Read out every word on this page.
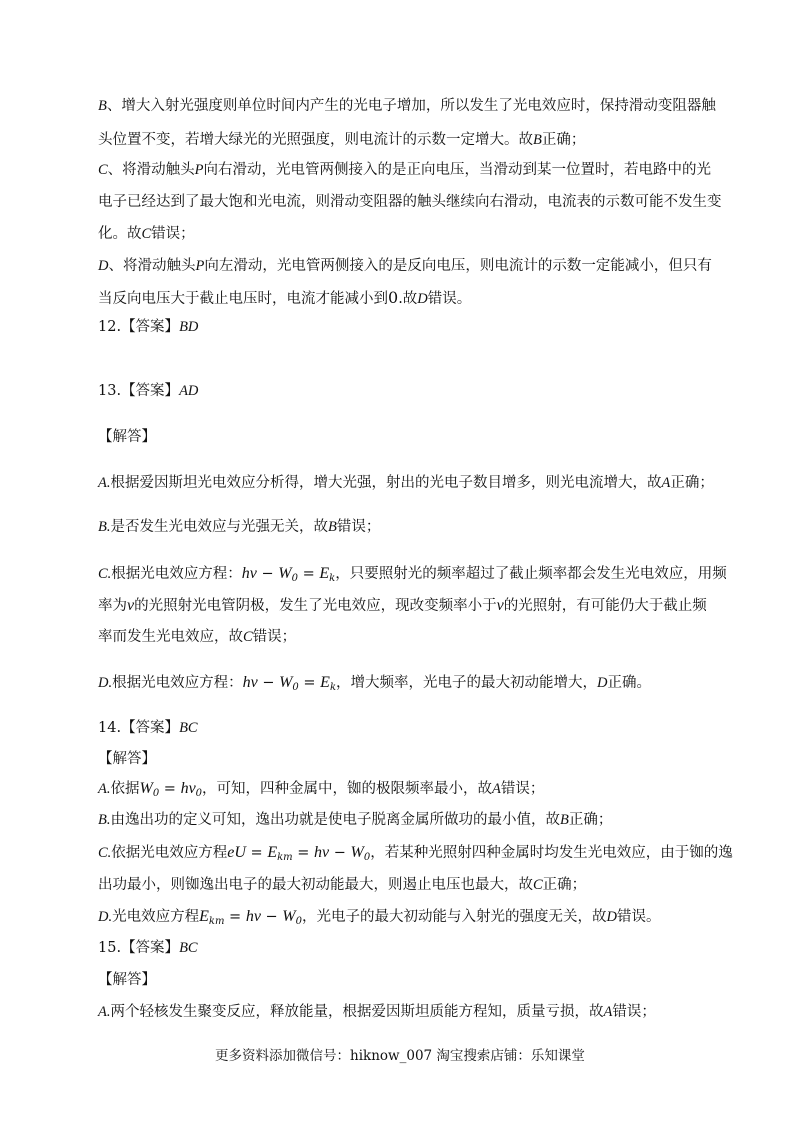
B、增大入射光强度则单位时间内产生的光电子增加，所以发生了光电效应时，保持滑动变阻器触
头位置不变，若增大绿光的光照强度，则电流计的示数一定增大。故B正确；
C、将滑动触头P向右滑动，光电管两侧接入的是正向电压，当滑动到某一位置时，若电路中的光
电子已经达到了最大饱和光电流，则滑动变阻器的触头继续向右滑动，电流表的示数可能不发生变
化。故C错误；
D、将滑动触头P向左滑动，光电管两侧接入的是反向电压，则电流计的示数一定能减小，但只有
当反向电压大于截止电压时，电流才能减小到0.故D错误。
12.【答案】BD
13.【答案】AD
【解答】
A.根据爱因斯坦光电效应分析得，增大光强，射出的光电子数目增多，则光电流增大，故A正确；
B.是否发生光电效应与光强无关，故B错误；
C.根据光电效应方程：$h\nu - W_0 = E_k$，只要照射光的频率超过了截止频率都会发生光电效应，用频
率为ν的光照射光电管阴极，发生了光电效应，现改变频率小于ν的光照射，有可能仍大于截止频
率而发生光电效应，故C错误；
D.根据光电效应方程：$h\nu - W_0 = E_k$，增大频率，光电子的最大初动能增大，D正确。
14.【答案】BC
【解答】
A.依据$W_0 = h\nu_0$，可知，四种金属中，铷的极限频率最小，故A错误；
B.由逸出功的定义可知，逸出功就是使电子脱离金属所做功的最小值，故B正确；
C.依据光电效应方程eU = $E_{km} = h\nu - W_0$，若某种光照射四种金属时均发生光电效应，由于铷的逸
出功最小，则铷逸出电子的最大初动能最大，则遏止电压也最大，故C正确；
D.光电效应方程$E_{km} = h\nu - W_0$，光电子的最大初动能与入射光的强度无关，故D错误。
15.【答案】BC
【解答】
A.两个轻核发生聚变反应，释放能量，根据爱因斯坦质能方程知，质量亏损，故A错误；
更多资料添加微信号：hiknow_007 淘宝搜索店铺：乐知课堂
